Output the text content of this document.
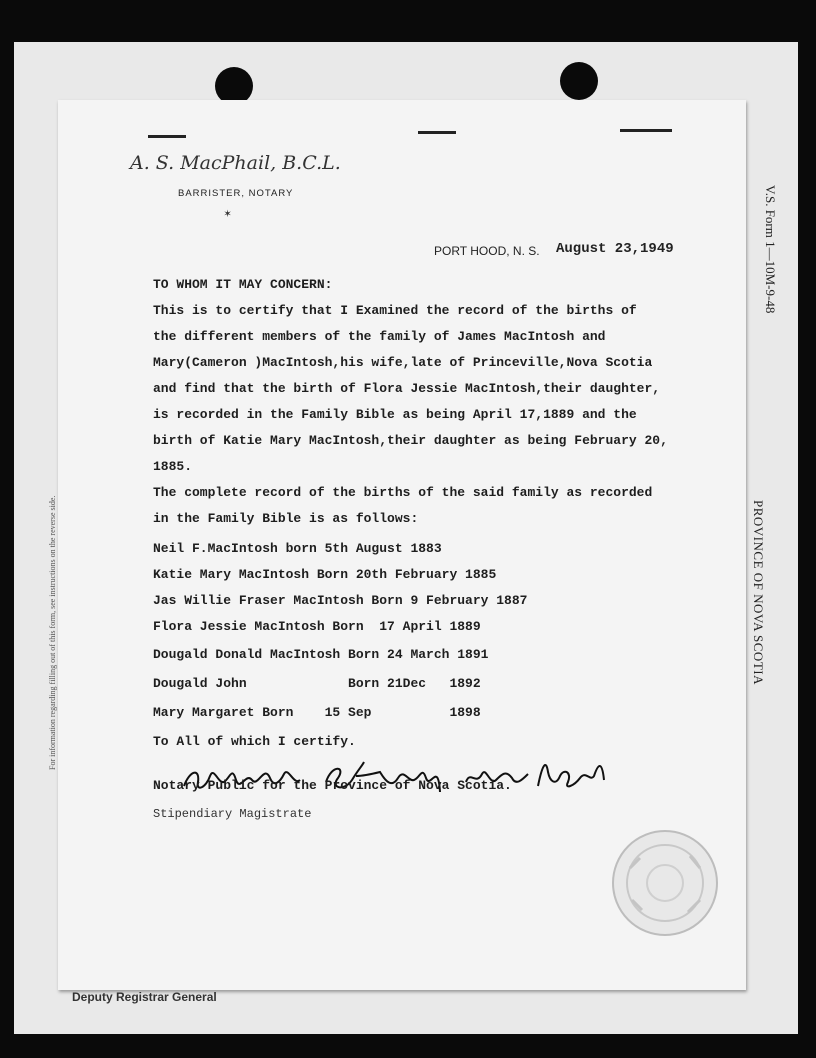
V.S. Form 1—10M-9-48
PROVINCE OF NOVA SCOTIA
For information regarding filling out of this form, see instructions on the reverse side.
Deputy Registrar General
A. S. MacPhail, B.C.L.
BARRISTER, NOTARY
✶
PORT HOOD, N. S. August 23,1949
TO WHOM IT MAY CONCERN:
This is to certify that I Examined the record of the births of
the different members of the family of James MacIntosh and
Mary(Cameron )MacIntosh,his wife,late of Princeville,Nova Scotia
and find that the birth of Flora Jessie MacIntosh,their daughter,
is recorded in the Family Bible as being April 17,1889 and the
birth of Katie Mary MacIntosh,their daughter as being February 20,
1885.
The complete record of the births of the said family as recorded
in the Family Bible is as follows:
Neil F.MacIntosh born 5th August 1883
Katie Mary MacIntosh Born 20th February 1885
Jas Willie Fraser MacIntosh Born 9 February 1887
Flora Jessie MacIntosh Born  17 April 1889
Dougald Donald MacIntosh Born 24 March 1891
Dougald John             Born 21Dec   1892
Mary Margaret Born    15 Sep          1898
To All of which I certify.
Notary Public for the Province of Nova Scotia.
Stipendiary Magistrate
